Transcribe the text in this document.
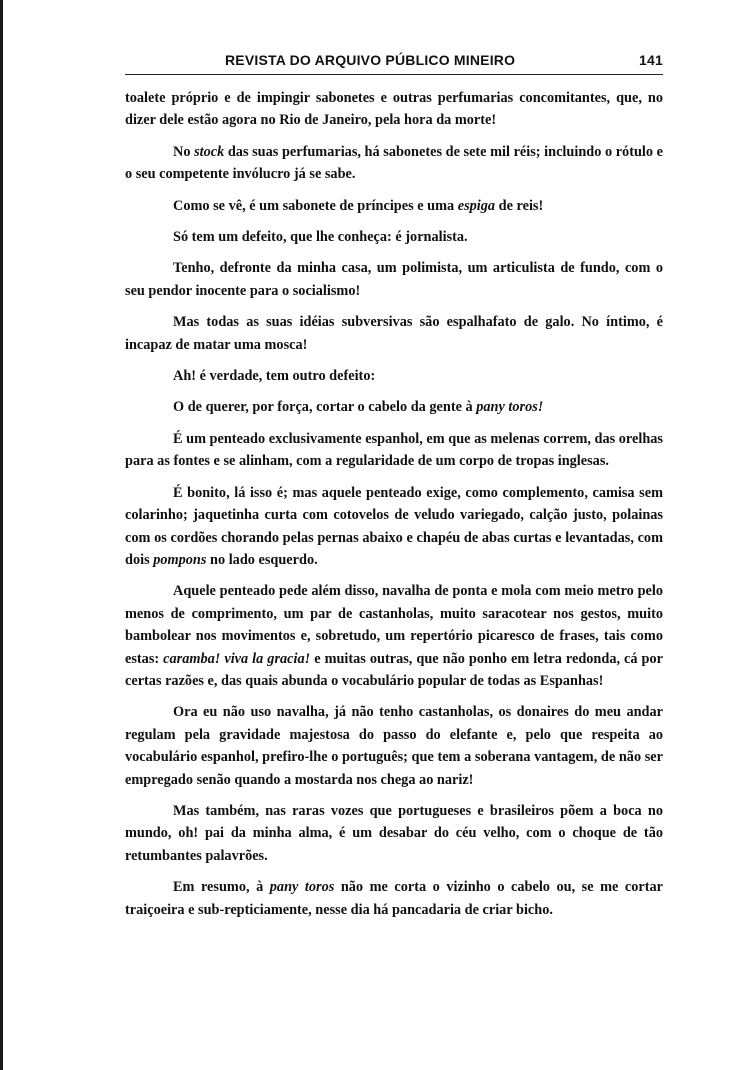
REVISTA DO ARQUIVO PÚBLICO MINEIRO	141

toalete próprio e de impingir sabonetes e outras perfumarias concomitantes, que, no dizer dele estão agora no Rio de Janeiro, pela hora da morte!

No stock das suas perfumarias, há sabonetes de sete mil réis; incluindo o rótulo e o seu competente invólucro já se sabe.

Como se vê, é um sabonete de príncipes e uma espiga de reis!

Só tem um defeito, que lhe conheça: é jornalista.

Tenho, defronte da minha casa, um polimista, um articulista de fundo, com o seu pendor inocente para o socialismo!

Mas todas as suas idéias subversivas são espalhafato de galo. No íntimo, é incapaz de matar uma mosca!

Ah! é verdade, tem outro defeito:

O de querer, por força, cortar o cabelo da gente à pany toros!

É um penteado exclusivamente espanhol, em que as melenas correm, das orelhas para as fontes e se alinham, com a regularidade de um corpo de tropas inglesas.

É bonito, lá isso é; mas aquele penteado exige, como complemento, camisa sem colarinho; jaquetinha curta com cotovelos de veludo variegado, calção justo, polainas com os cordões chorando pelas pernas abaixo e chapéu de abas curtas e levantadas, com dois pompons no lado esquerdo.

Aquele penteado pede além disso, navalha de ponta e mola com meio metro pelo menos de comprimento, um par de castanholas, muito saracotear nos gestos, muito bambolear nos movimentos e, sobretudo, um repertório picaresco de frases, tais como estas: caramba! viva la gracia! e muitas outras, que não ponho em letra redonda, cá por certas razões e, das quais abunda o vocabulário popular de todas as Espanhas!

Ora eu não uso navalha, já não tenho castanholas, os donaires do meu andar regulam pela gravidade majestosa do passo do elefante e, pelo que respeita ao vocabulário espanhol, prefiro-lhe o português; que tem a soberana vantagem, de não ser empregado senão quando a mostarda nos chega ao nariz!

Mas também, nas raras vozes que portugueses e brasileiros põem a boca no mundo, oh! pai da minha alma, é um desabar do céu velho, com o choque de tão retumbantes palavrões.

Em resumo, à pany toros não me corta o vizinho o cabelo ou, se me cortar traiçoeira e sub-repticiamente, nesse dia há pancadaria de criar bicho.
